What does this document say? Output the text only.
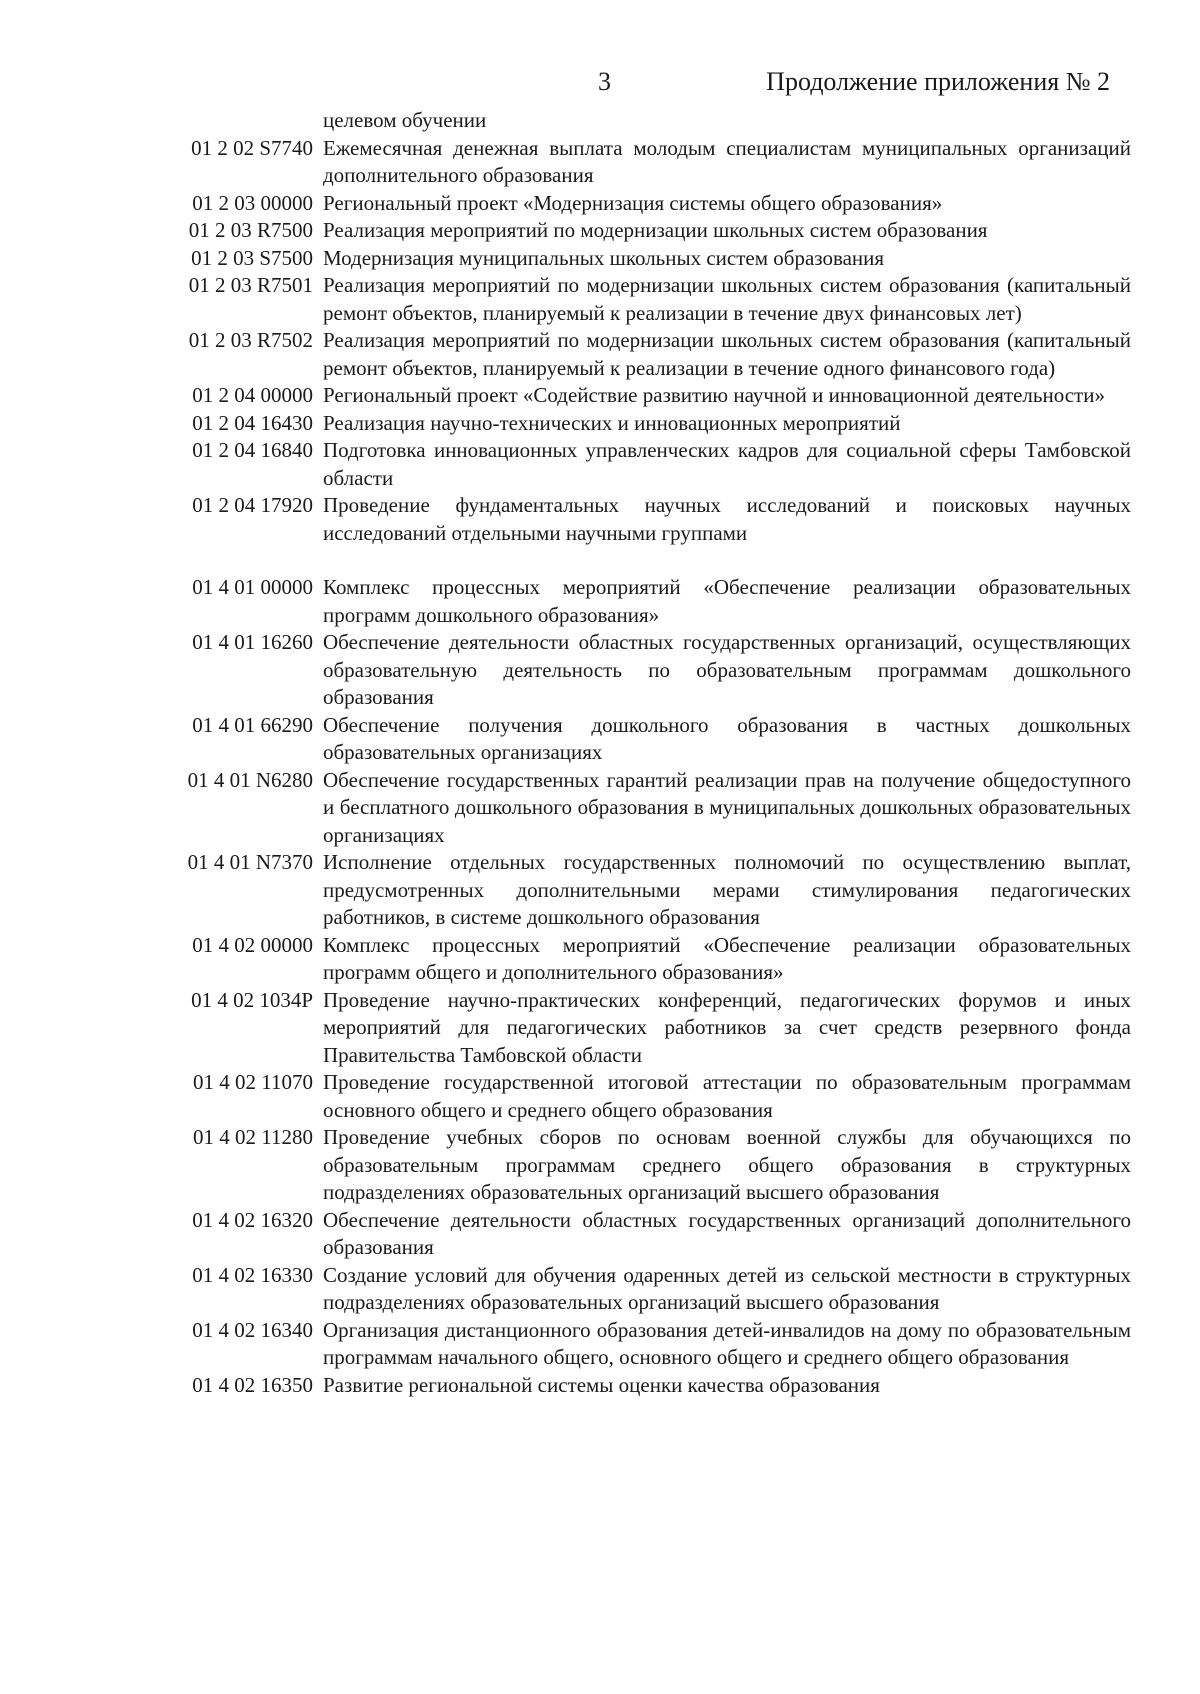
3	Продолжение приложения № 2
целевом обучении
01 2 02 S7740 Ежемесячная денежная выплата молодым специалистам муниципальных организаций дополнительного образования
01 2 03 00000 Региональный проект «Модернизация системы общего образования»
01 2 03 R7500 Реализация мероприятий по модернизации школьных систем образования
01 2 03 S7500 Модернизация муниципальных школьных систем образования
01 2 03 R7501 Реализация мероприятий по модернизации школьных систем образования (капитальный ремонт объектов, планируемый к реализации в течение двух финансовых лет)
01 2 03 R7502 Реализация мероприятий по модернизации школьных систем образования (капитальный ремонт объектов, планируемый к реализации в течение одного финансового года)
01 2 04 00000 Региональный проект «Содействие развитию научной и инновационной деятельности»
01 2 04 16430 Реализация научно-технических и инновационных мероприятий
01 2 04 16840 Подготовка инновационных управленческих кадров для социальной сферы Тамбовской области
01 2 04 17920 Проведение фундаментальных научных исследований и поисковых научных исследований отдельными научными группами
01 4 01 00000 Комплекс процессных мероприятий «Обеспечение реализации образовательных программ дошкольного образования»
01 4 01 16260 Обеспечение деятельности областных государственных организаций, осуществляющих образовательную деятельность по образовательным программам дошкольного образования
01 4 01 66290 Обеспечение получения дошкольного образования в частных дошкольных образовательных организациях
01 4 01 N6280 Обеспечение государственных гарантий реализации прав на получение общедоступного и бесплатного дошкольного образования в муниципальных дошкольных образовательных организациях
01 4 01 N7370 Исполнение отдельных государственных полномочий по осуществлению выплат, предусмотренных дополнительными мерами стимулирования педагогических работников, в системе дошкольного образования
01 4 02 00000 Комплекс процессных мероприятий «Обеспечение реализации образовательных программ общего и дополнительного образования»
01 4 02 1034P Проведение научно-практических конференций, педагогических форумов и иных мероприятий для педагогических работников за счет средств резервного фонда Правительства Тамбовской области
01 4 02 11070 Проведение государственной итоговой аттестации по образовательным программам основного общего и среднего общего образования
01 4 02 11280 Проведение учебных сборов по основам военной службы для обучающихся по образовательным программам среднего общего образования в структурных подразделениях образовательных организаций высшего образования
01 4 02 16320 Обеспечение деятельности областных государственных организаций дополнительного образования
01 4 02 16330 Создание условий для обучения одаренных детей из сельской местности в структурных подразделениях образовательных организаций высшего образования
01 4 02 16340 Организация дистанционного образования детей-инвалидов на дому по образовательным программам начального общего, основного общего и среднего общего образования
01 4 02 16350 Развитие региональной системы оценки качества образования
